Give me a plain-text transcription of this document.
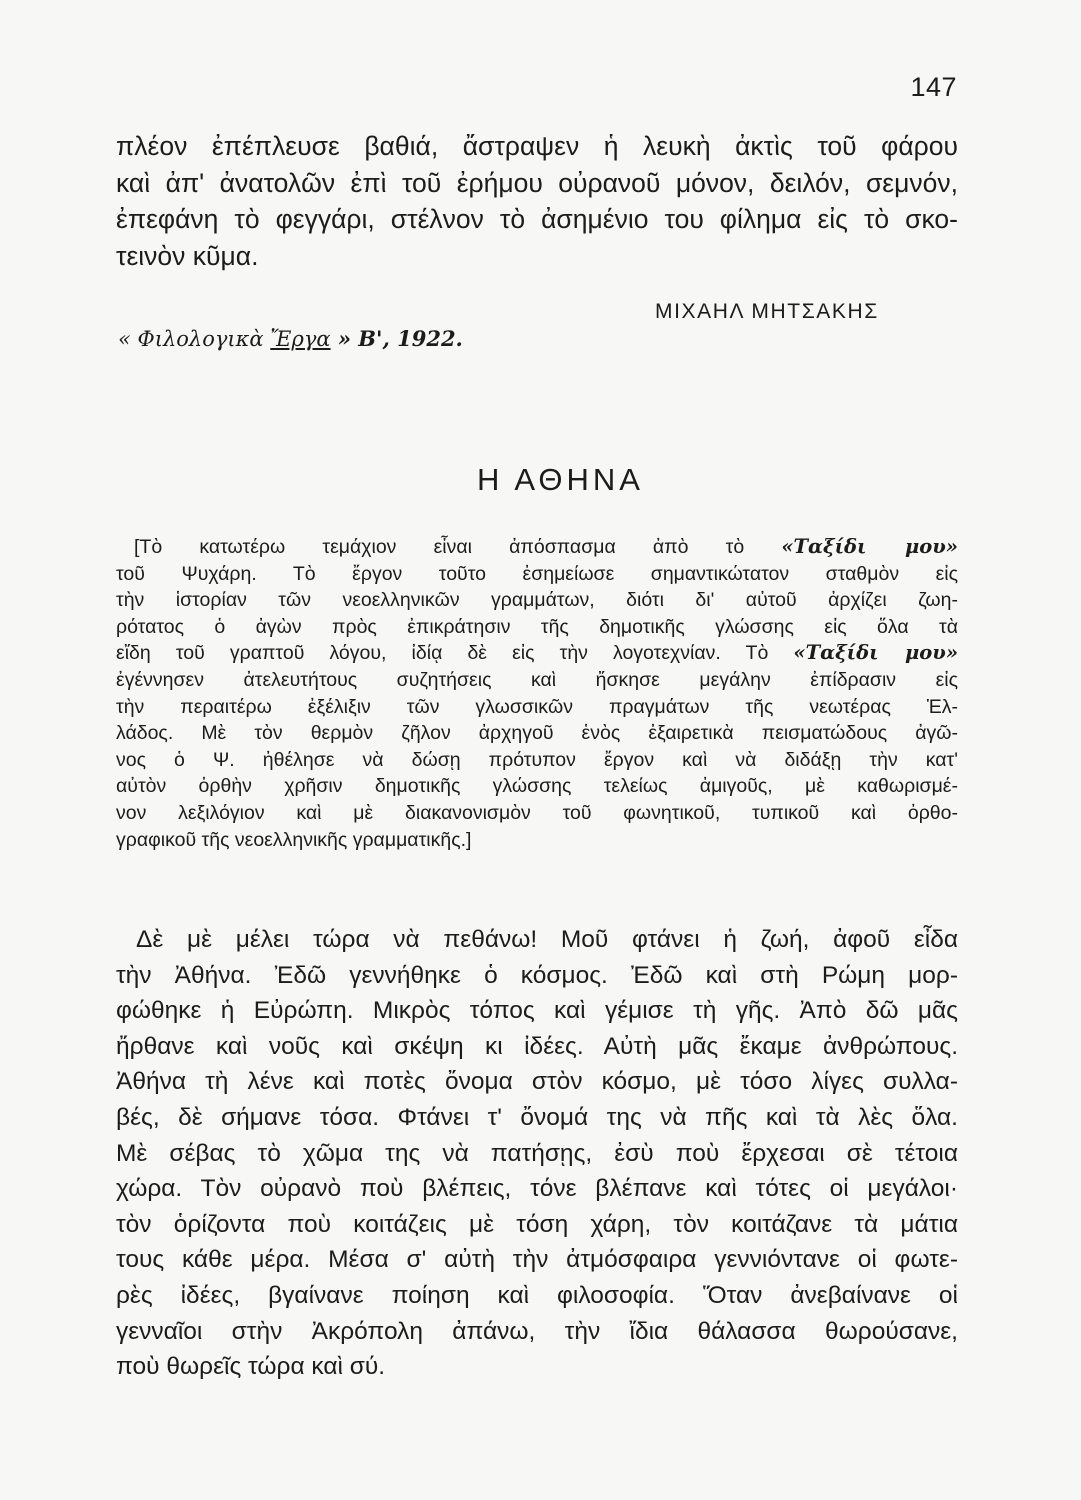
147
πλέον ἐπέπλευσε βαθιά, ἄστραψεν ἡ λευκὴ ἀκτὶς τοῦ φάρου
καὶ ἀπ' ἀνατολῶν ἐπὶ τοῦ ἐρήμου οὐρανοῦ μόνον, δειλόν, σεμνόν,
ἐπεφάνη τὸ φεγγάρι, στέλνον τὸ ἀσημένιο του φίλημα εἰς τὸ σκο-
τεινὸν κῦμα.
ΜΙΧΑΗΛ ΜΗΤΣΑΚΗΣ
« Φιλολογικὰ Ἔργα » Β', 1922.
Η ΑΘΗΝΑ
[Τὸ κατωτέρω τεμάχιον εἶναι ἀπόσπασμα ἀπὸ τὸ «Ταξίδι μου»
τοῦ Ψυχάρη. Τὸ ἔργον τοῦτο ἐσημείωσε σημαντικώτατον σταθμὸν εἰς
τὴν ἱστορίαν τῶν νεοελληνικῶν γραμμάτων, διότι δι' αὐτοῦ ἀρχίζει ζωη-
ρότατος ὁ ἀγὼν πρὸς ἐπικράτησιν τῆς δημοτικῆς γλώσσης εἰς ὅλα τὰ
εἴδη τοῦ γραπτοῦ λόγου, ἰδίᾳ δὲ εἰς τὴν λογοτεχνίαν. Τὸ «Ταξίδι μου»
ἐγέννησεν ἀτελευτήτους συζητήσεις καὶ ἤσκησε μεγάλην ἐπίδρασιν εἰς
τὴν περαιτέρω ἐξέλιξιν τῶν γλωσσικῶν πραγμάτων τῆς νεωτέρας Ἑλ-
λάδος. Μὲ τὸν θερμὸν ζῆλον ἀρχηγοῦ ἑνὸς ἐξαιρετικὰ πεισματώδους ἀγῶ-
νος ὁ Ψ. ἠθέλησε νὰ δώσῃ πρότυπον ἔργον καὶ νὰ διδάξῃ τὴν κατ'
αὐτὸν ὀρθὴν χρῆσιν δημοτικῆς γλώσσης τελείως ἀμιγοῦς, μὲ καθωρισμέ-
νον λεξιλόγιον καὶ μὲ διακανονισμὸν τοῦ φωνητικοῦ, τυπικοῦ καὶ ὀρθο-
γραφικοῦ τῆς νεοελληνικῆς γραμματικῆς.]
Δὲ μὲ μέλει τώρα νὰ πεθάνω! Μοῦ φτάνει ἡ ζωή, ἀφοῦ εἶδα
τὴν Ἀθήνα. Ἐδῶ γεννήθηκε ὁ κόσμος. Ἐδῶ καὶ στὴ Ρώμη μορ-
φώθηκε ἡ Εὐρώπη. Μικρὸς τόπος καὶ γέμισε τὴ γῆς. Ἀπὸ δῶ μᾶς
ἤρθανε καὶ νοῦς καὶ σκέψη κι ἰδέες. Αὐτὴ μᾶς ἔκαμε ἀνθρώπους.
Ἀθήνα τὴ λένε καὶ ποτὲς ὄνομα στὸν κόσμο, μὲ τόσο λίγες συλλα-
βές, δὲ σήμανε τόσα. Φτάνει τ' ὄνομά της νὰ πῆς καὶ τὰ λὲς ὅλα.
Μὲ σέβας τὸ χῶμα της νὰ πατήσῃς, ἐσὺ ποὺ ἔρχεσαι σὲ τέτοια
χώρα. Τὸν οὐρανὸ ποὺ βλέπεις, τόνε βλέπανε καὶ τότες οἱ μεγάλοι·
τὸν ὁρίζοντα ποὺ κοιτάζεις μὲ τόση χάρη, τὸν κοιτάζανε τὰ μάτια
τους κάθε μέρα. Μέσα σ' αὐτὴ τὴν ἀτμόσφαιρα γεννιόντανε οἱ φωτε-
ρὲς ἰδέες, βγαίνανε ποίηση καὶ φιλοσοφία. Ὅταν ἀνεβαίνανε οἱ
γενναῖοι στὴν Ἀκρόπολη ἀπάνω, τὴν ἴδια θάλασσα θωρούσανε,
ποὺ θωρεῖς τώρα καὶ σύ.
